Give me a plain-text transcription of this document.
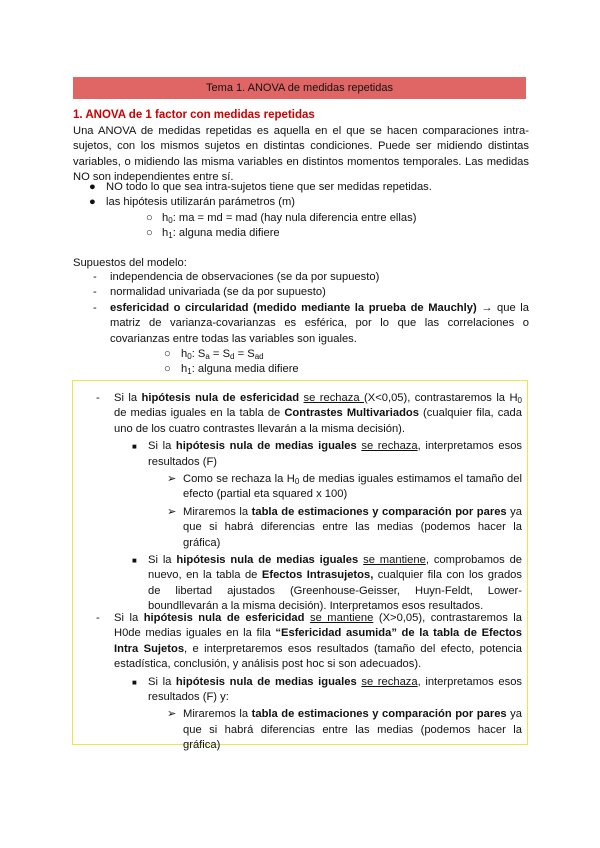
Tema 1. ANOVA de medidas repetidas
1. ANOVA de 1 factor con medidas repetidas

Una ANOVA de medidas repetidas es aquella en el que se hacen comparaciones intra-sujetos, con los mismos sujetos en distintas condiciones. Puede ser midiendo distintas variables, o midiendo las misma variables en distintos momentos temporales. Las medidas NO son independientes entre sí.

● NO todo lo que sea intra-sujetos tiene que ser medidas repetidas.
● las hipótesis utilizarán parámetros (m)
○ $h_0$: ma = md = mad (hay nula diferencia entre ellas)
○ $h_1$: alguna media difiere
Supuestos del modelo:
- independencia de observaciones (se da por supuesto)
- normalidad univariada (se da por supuesto)
- esfericidad o circularidad (medido mediante la prueba de Mauchly) → que la matriz de varianza-covarianzas es esférica, por lo que las correlaciones o covarianzas entre todas las variables son iguales.
○ $h_0$: $S_a = S_d = S_{ad}$
○ $h_1$: alguna media difiere
- Si la hipótesis nula de esfericidad se rechaza (X<0,05), contrastaremos la $H_0$ de medias iguales en la tabla de Contrastes Multivariados (cualquier fila, cada uno de los cuatro contrastes llevarán a la misma decisión).
■ Si la hipótesis nula de medias iguales se rechaza, interpretamos esos resultados (F)
➢ Como se rechaza la $H_0$ de medias iguales estimamos el tamaño del efecto (partial eta squared x 100)
➢ Miraremos la tabla de estimaciones y comparación por pares ya que si habrá diferencias entre las medias (podemos hacer la gráfica)
■ Si la hipótesis nula de medias iguales se mantiene, comprobamos de nuevo, en la tabla de Efectos Intrasujetos, cualquier fila con los grados de libertad ajustados (Greenhouse-Geisser, Huyn-Feldt, Lower-boundllevarán a la misma decisión). Interpretamos esos resultados.
- Si la hipótesis nula de esfericidad se mantiene (X>0,05), contrastaremos la H0de medias iguales en la fila “Esfericidad asumida” de la tabla de Efectos Intra Sujetos, e interpretaremos esos resultados (tamaño del efecto, potencia estadística, conclusión, y análisis post hoc si son adecuados).
■ Si la hipótesis nula de medias iguales se rechaza, interpretamos esos resultados (F) y:
➢ Miraremos la tabla de estimaciones y comparación por pares ya que si habrá diferencias entre las medias (podemos hacer la gráfica)
